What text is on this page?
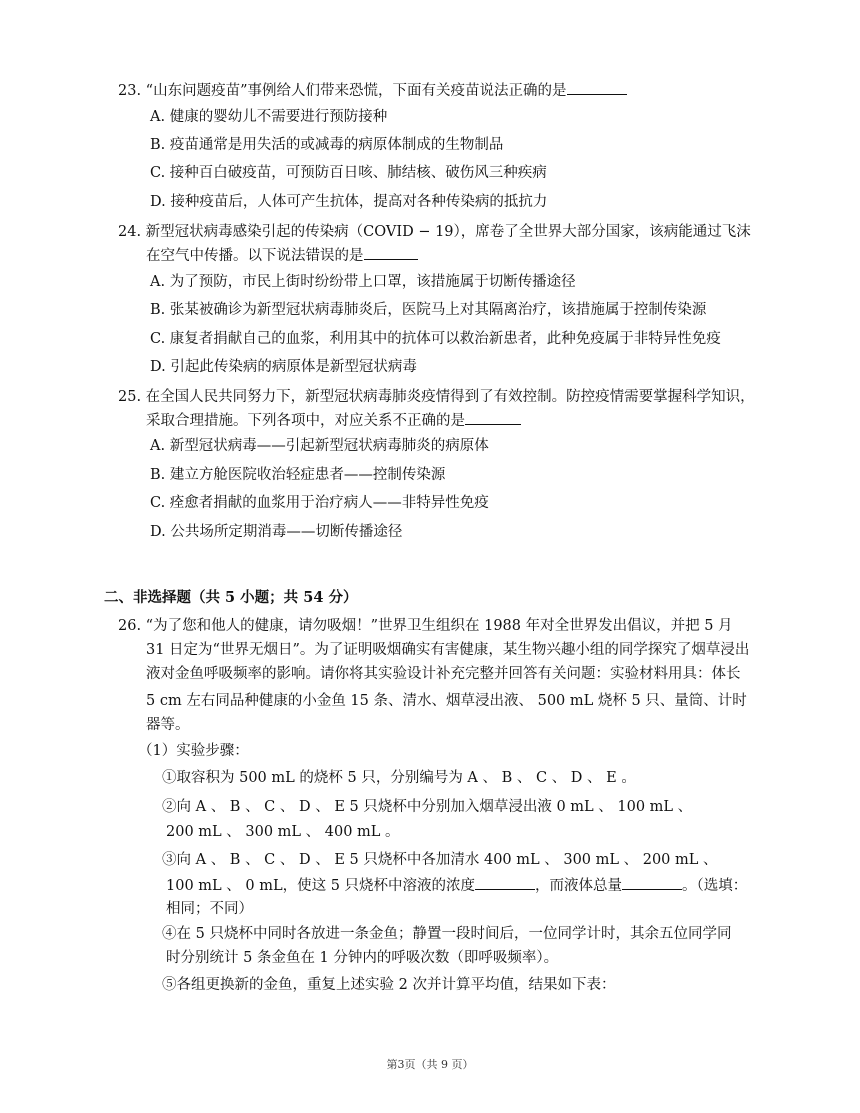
23. “山东问题疫苗”事例给人们带来恐慌，下面有关疫苗说法正确的是
A. 健康的婴幼儿不需要进行预防接种
B. 疫苗通常是用失活的或减毒的病原体制成的生物制品
C. 接种百白破疫苗，可预防百日咳、肺结核、破伤风三种疾病
D. 接种疫苗后，人体可产生抗体，提高对各种传染病的抵抗力
24. 新型冠状病毒感染引起的传染病（COVID − 19），席卷了全世界大部分国家，该病能通过飞沫
在空气中传播。以下说法错误的是
A. 为了预防，市民上街时纷纷带上口罩，该措施属于切断传播途径
B. 张某被确诊为新型冠状病毒肺炎后，医院马上对其隔离治疗，该措施属于控制传染源
C. 康复者捐献自己的血浆，利用其中的抗体可以救治新患者，此种免疫属于非特异性免疫
D. 引起此传染病的病原体是新型冠状病毒
25. 在全国人民共同努力下，新型冠状病毒肺炎疫情得到了有效控制。防控疫情需要掌握科学知识，
采取合理措施。下列各项中，对应关系不正确的是
A. 新型冠状病毒——引起新型冠状病毒肺炎的病原体
B. 建立方舱医院收治轻症患者——控制传染源
C. 痊愈者捐献的血浆用于治疗病人——非特异性免疫
D. 公共场所定期消毒——切断传播途径
二、非选择题（共 5 小题；共 54 分）
26. “为了您和他人的健康，请勿吸烟！”世界卫生组织在 1988 年对全世界发出倡议，并把 5 月
31 日定为“世界无烟日”。为了证明吸烟确实有害健康，某生物兴趣小组的同学探究了烟草浸出
液对金鱼呼吸频率的影响。请你将其实验设计补充完整并回答有关问题：实验材料用具：体长
5 cm 左右同品种健康的小金鱼 15 条、清水、烟草浸出液、 500 mL 烧杯 5 只、量筒、计时
器等。
（1）实验步骤：
①取容积为 500 mL 的烧杯 5 只，分别编号为 A 、 B 、 C 、 D 、 E 。
②向 A 、 B 、 C 、 D 、 E 5 只烧杯中分别加入烟草浸出液 0 mL 、 100 mL 、
200 mL 、 300 mL 、 400 mL 。
③向 A 、 B 、 C 、 D 、 E 5 只烧杯中各加清水 400 mL 、 300 mL 、 200 mL 、
100 mL 、 0 mL，使这 5 只烧杯中溶液的浓度	，而液体总量	。（选填：
相同；不同）
④在 5 只烧杯中同时各放进一条金鱼；静置一段时间后，一位同学计时，其余五位同学同
时分别统计 5 条金鱼在 1 分钟内的呼吸次数（即呼吸频率）。
⑤各组更换新的金鱼，重复上述实验 2 次并计算平均值，结果如下表：
第3页（共 9 页）
